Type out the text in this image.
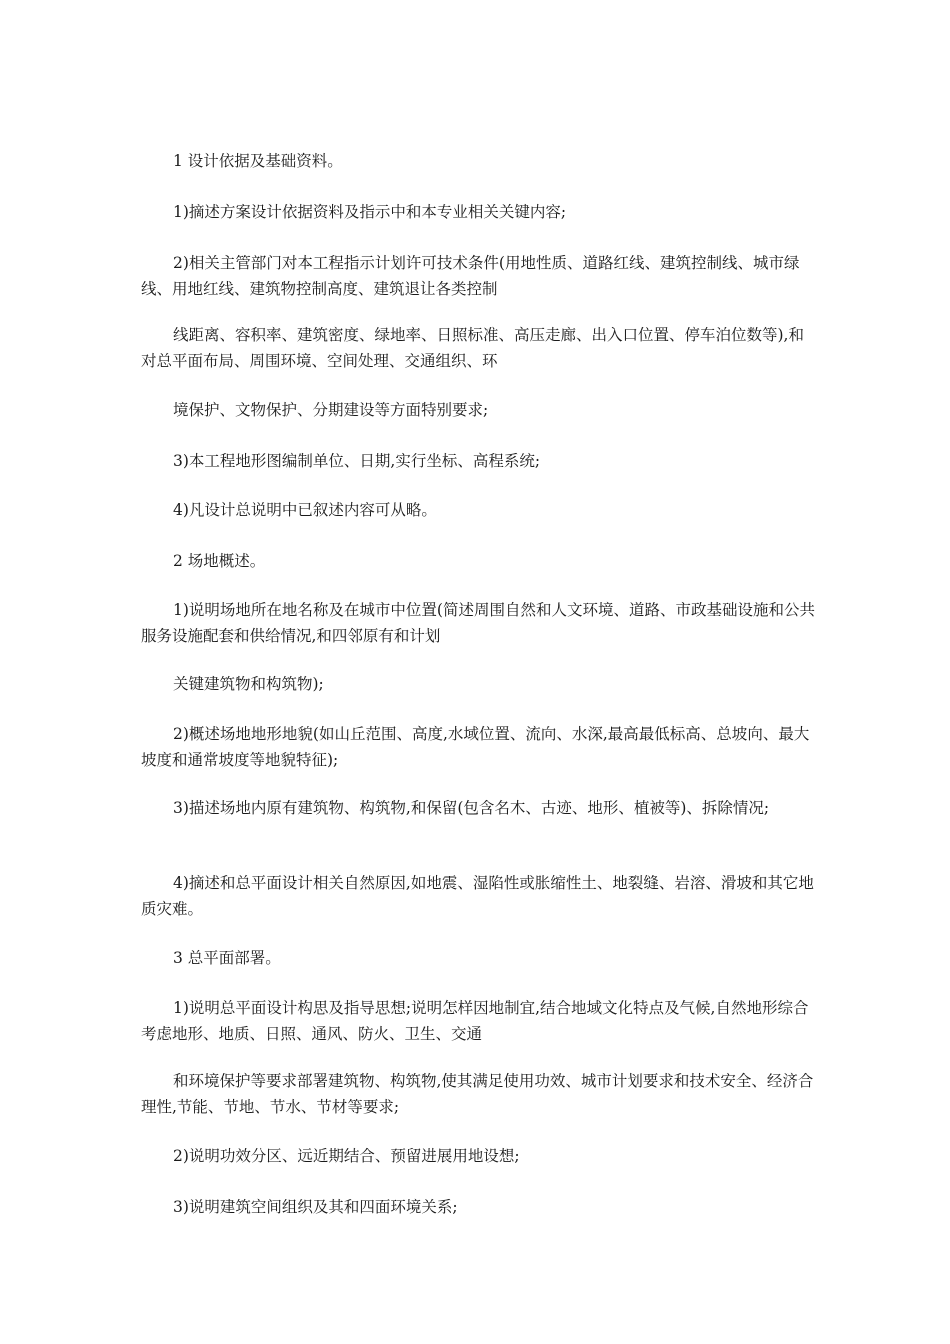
1 设计依据及基础资料。

1)摘述方案设计依据资料及指示中和本专业相关关键内容;

2)相关主管部门对本工程指示计划许可技术条件(用地性质、道路红线、建筑控制线、城市绿线、用地红线、建筑物控制高度、建筑退让各类控制

线距离、容积率、建筑密度、绿地率、日照标准、高压走廊、出入口位置、停车泊位数等),和对总平面布局、周围环境、空间处理、交通组织、环

境保护、文物保护、分期建设等方面特别要求;

3)本工程地形图编制单位、日期,实行坐标、高程系统;

4)凡设计总说明中已叙述内容可从略。

2 场地概述。

1)说明场地所在地名称及在城市中位置(简述周围自然和人文环境、道路、市政基础设施和公共服务设施配套和供给情况,和四邻原有和计划

关键建筑物和构筑物);

2)概述场地地形地貌(如山丘范围、高度,水域位置、流向、水深,最高最低标高、总坡向、最大坡度和通常坡度等地貌特征);

3)描述场地内原有建筑物、构筑物,和保留(包含名木、古迹、地形、植被等)、拆除情况;

4)摘述和总平面设计相关自然原因,如地震、湿陷性或胀缩性土、地裂缝、岩溶、滑坡和其它地质灾难。

3 总平面部署。

1)说明总平面设计构思及指导思想;说明怎样因地制宜,结合地域文化特点及气候,自然地形综合考虑地形、地质、日照、通风、防火、卫生、交通

和环境保护等要求部署建筑物、构筑物,使其满足使用功效、城市计划要求和技术安全、经济合理性,节能、节地、节水、节材等要求;

2)说明功效分区、远近期结合、预留进展用地设想;

3)说明建筑空间组织及其和四面环境关系;
